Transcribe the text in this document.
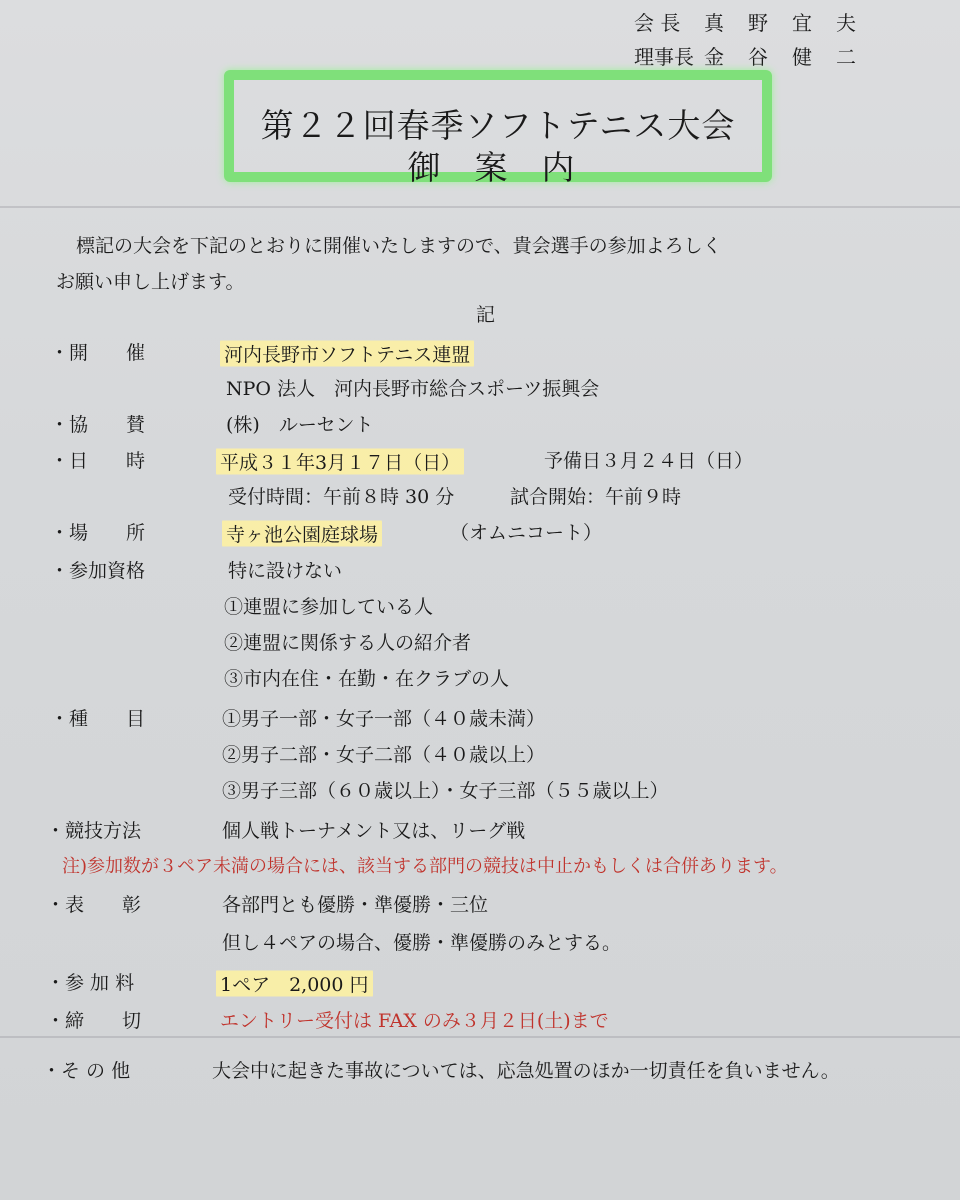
会 長	真野宜夫
理事長 金谷健二
第２２回春季ソフトテニス大会
御案内
標記の大会を下記のとおりに開催いたしますので、貴会選手の参加よろしく
お願い申し上げます。
記
・開　　催	河内長野市ソフトテニス連盟
NPO 法人　河内長野市総合スポーツ振興会
・協　　賛	(株)　ルーセント
・日　　時	平成３１年3月１７日（日）	予備日３月２４日（日）
受付時間：午前８時 30 分	試合開始：午前９時
・場　　所	寺ヶ池公園庭球場	（オムニコート）
・参加資格	特に設けない
①連盟に参加している人
②連盟に関係する人の紹介者
③市内在住・在勤・在クラブの人
・種　　目	①男子一部・女子一部（４０歳未満）
②男子二部・女子二部（４０歳以上）
③男子三部（６０歳以上）・女子三部（５５歳以上）
・競技方法	個人戦トーナメント又は、リーグ戦
注)参加数が３ペア未満の場合には、該当する部門の競技は中止かもしくは合併あります。
・表　　彰	各部門とも優勝・準優勝・三位
但し４ペアの場合、優勝・準優勝のみとする。
・参 加 料	1ペア　2,000 円
・締　　切	エントリー受付は FAX のみ３月２日(土)まで
・そ の 他	大会中に起きた事故については、応急処置のほか一切責任を負いません。
